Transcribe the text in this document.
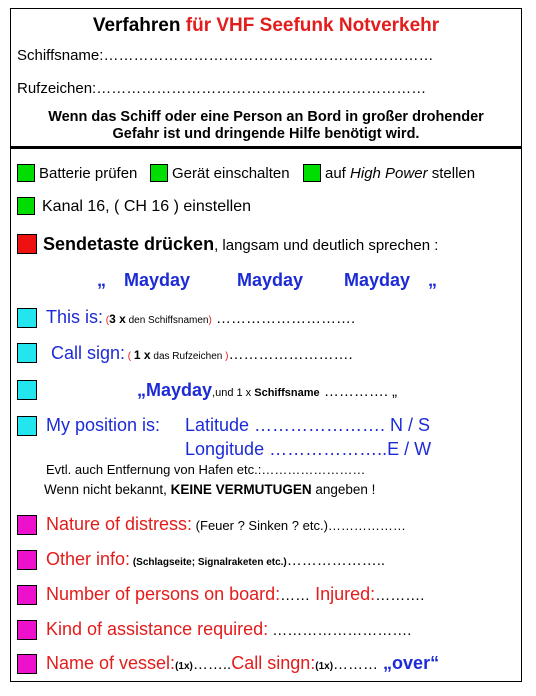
Verfahren für VHF Seefunk Notverkehr
Schiffsname:…………………………………………………………
Rufzeichen:…………………………………………………………
Wenn das Schiff oder eine Person an Bord in großer drohender
Gefahr ist und dringende Hilfe benötigt wird.
Batterie prüfen Gerät einschalten auf High Power stellen
Kanal 16, ( CH 16 ) einstellen
Sendetaste drücken, langsam und deutlich sprechen :
„ Mayday	Mayday Mayday „
This is: (3 x den Schiffsnamen) ……………………….
Call sign: ( 1 x das Rufzeichen )…………………….
„Mayday,und 1 x Schiffsname …………. „
My position is: Latitude …………………. N / S
Longitude ………………..E / W
Evtl. auch Entfernung von Hafen etc.:……………………
Wenn nicht bekannt, KEINE VERMUTUGEN angeben !
Nature of distress: (Feuer ? Sinken ? etc.)………………
Other info: (Schlagseite; Signalraketen etc.)………………..
Number of persons on board:…… Injured:……….
Kind of assistance required: ……………………….
Name of vessel:(1x)……..Call singn:(1x)……… „over“
